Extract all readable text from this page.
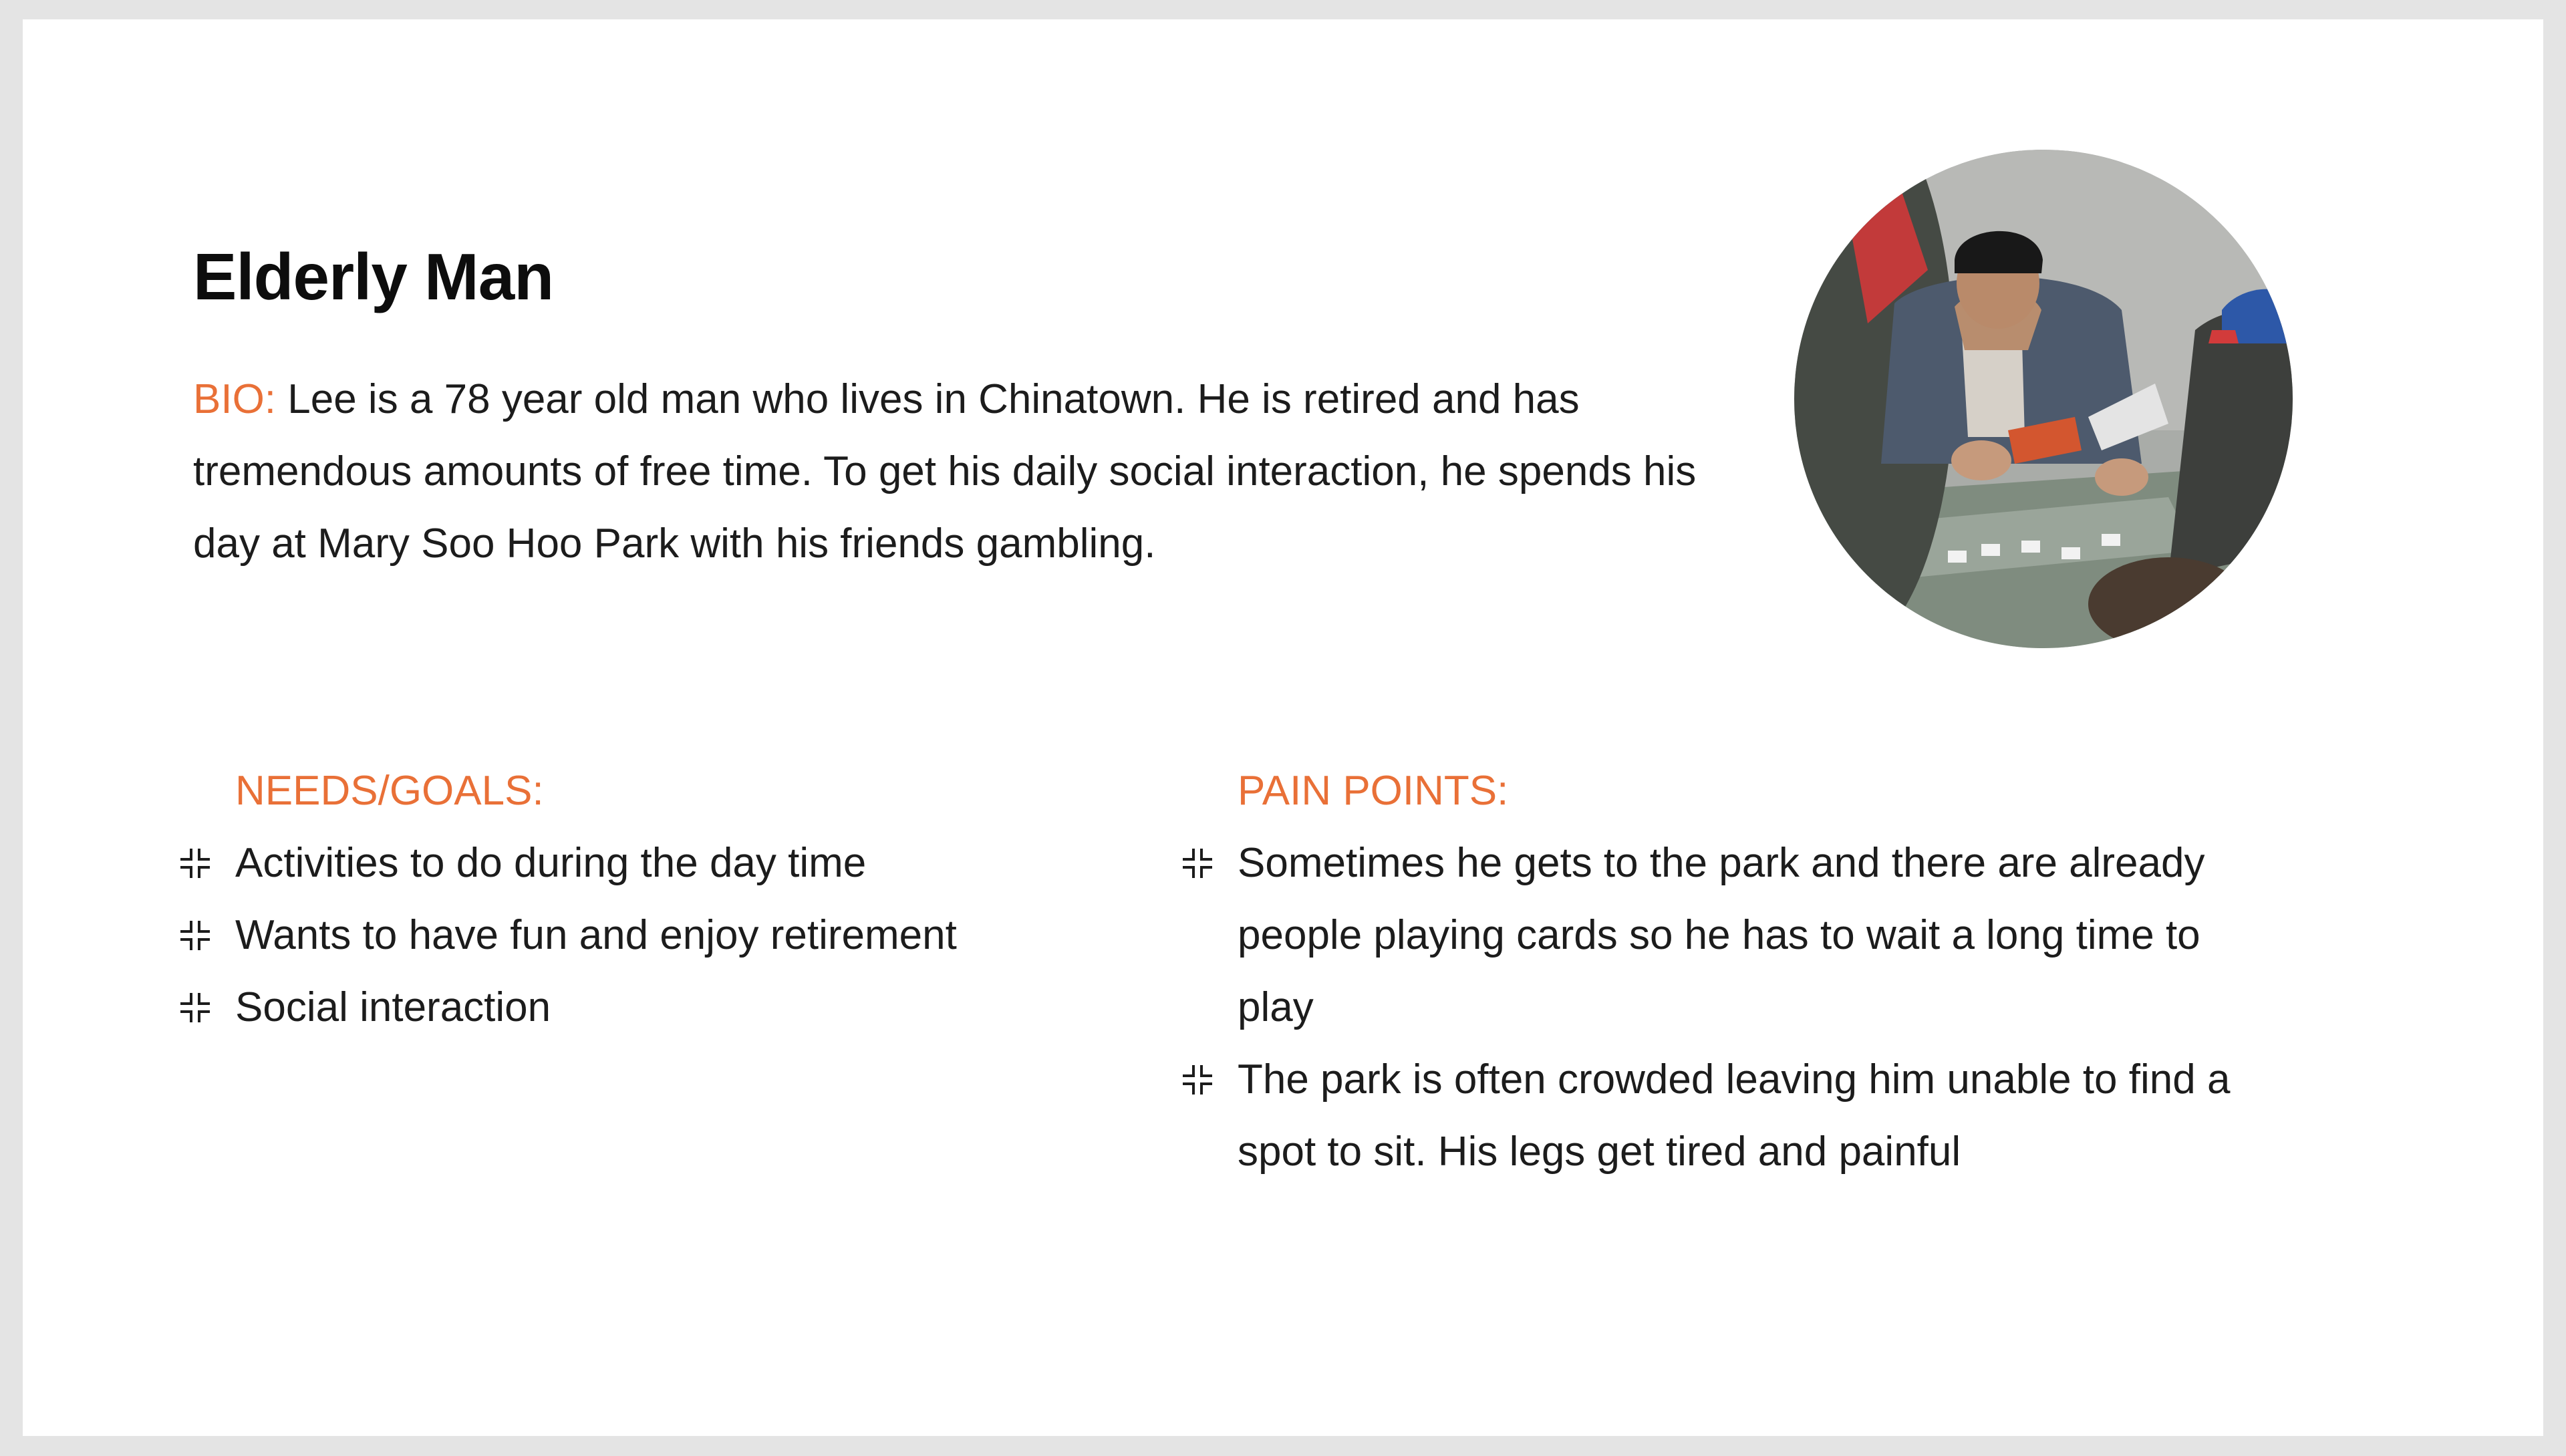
Elderly Man

BIO: Lee is a 78 year old man who lives in Chinatown. He is retired and has tremendous amounts of free time. To get his daily social interaction, he spends his day at Mary Soo Hoo Park with his friends gambling.

NEEDS/GOALS:
Activities to do during the day time
Wants to have fun and enjoy retirement
Social interaction
PAIN POINTS:
Sometimes he gets to the park and there are already people playing cards so he has to wait a long time to play
The park is often crowded leaving him unable to find a spot to sit. His legs get tired and painful
